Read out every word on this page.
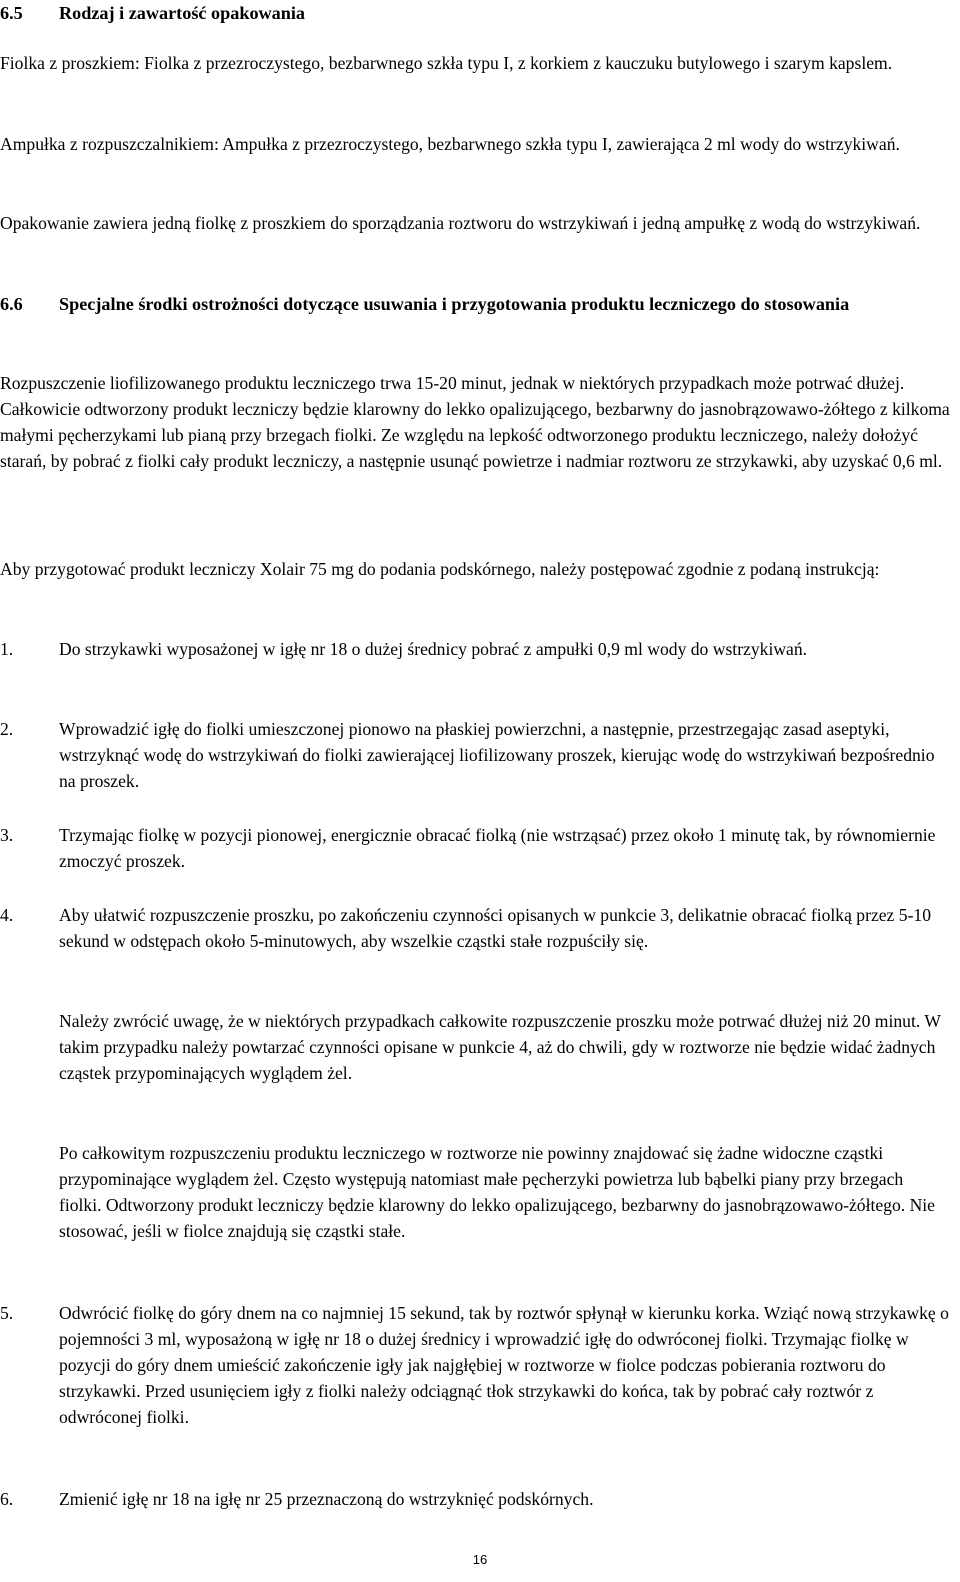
6.5 Rodzaj i zawartość opakowania
Fiolka z proszkiem: Fiolka z przezroczystego, bezbarwnego szkła typu I, z korkiem z kauczuku butylowego i szarym kapslem.
Ampułka z rozpuszczalnikiem: Ampułka z przezroczystego, bezbarwnego szkła typu I, zawierająca 2 ml wody do wstrzykiwań.
Opakowanie zawiera jedną fiolkę z proszkiem do sporządzania roztworu do wstrzykiwań i jedną ampułkę z wodą do wstrzykiwań.
6.6 Specjalne środki ostrożności dotyczące usuwania i przygotowania produktu leczniczego do stosowania
Rozpuszczenie liofilizowanego produktu leczniczego trwa 15-20 minut, jednak w niektórych przypadkach może potrwać dłużej. Całkowicie odtworzony produkt leczniczy będzie klarowny do lekko opalizującego, bezbarwny do jasnobrązowawo-żółtego z kilkoma małymi pęcherzykami lub pianą przy brzegach fiolki. Ze względu na lepkość odtworzonego produktu leczniczego, należy dołożyć starań, by pobrać z fiolki cały produkt leczniczy, a następnie usunąć powietrze i nadmiar roztworu ze strzykawki, aby uzyskać 0,6 ml.
Aby przygotować produkt leczniczy Xolair 75 mg do podania podskórnego, należy postępować zgodnie z podaną instrukcją:
1.	Do strzykawki wyposażonej w igłę nr 18 o dużej średnicy pobrać z ampułki 0,9 ml wody do wstrzykiwań.
2.	Wprowadzić igłę do fiolki umieszczonej pionowo na płaskiej powierzchni, a następnie, przestrzegając zasad aseptyki, wstrzyknąć wodę do wstrzykiwań do fiolki zawierającej liofilizowany proszek, kierując wodę do wstrzykiwań bezpośrednio na proszek.
3.	Trzymając fiolkę w pozycji pionowej, energicznie obracać fiolką (nie wstrząsać) przez około 1 minutę tak, by równomiernie zmoczyć proszek.
4.	Aby ułatwić rozpuszczenie proszku, po zakończeniu czynności opisanych w punkcie 3, delikatnie obracać fiolką przez 5-10 sekund w odstępach około 5-minutowych, aby wszelkie cząstki stałe rozpuściły się.
Należy zwrócić uwagę, że w niektórych przypadkach całkowite rozpuszczenie proszku może potrwać dłużej niż 20 minut. W takim przypadku należy powtarzać czynności opisane w punkcie 4, aż do chwili, gdy w roztworze nie będzie widać żadnych cząstek przypominających wyglądem żel.
Po całkowitym rozpuszczeniu produktu leczniczego w roztworze nie powinny znajdować się żadne widoczne cząstki przypominające wyglądem żel. Często występują natomiast małe pęcherzyki powietrza lub bąbelki piany przy brzegach fiolki. Odtworzony produkt leczniczy będzie klarowny do lekko opalizującego, bezbarwny do jasnobrązowawo-żółtego. Nie stosować, jeśli w fiolce znajdują się cząstki stałe.
5.	Odwrócić fiolkę do góry dnem na co najmniej 15 sekund, tak by roztwór spłynął w kierunku korka. Wziąć nową strzykawkę o pojemności 3 ml, wyposażoną w igłę nr 18 o dużej średnicy i wprowadzić igłę do odwróconej fiolki. Trzymając fiolkę w pozycji do góry dnem umieścić zakończenie igły jak najgłębiej w roztworze w fiolce podczas pobierania roztworu do strzykawki. Przed usunięciem igły z fiolki należy odciągnąć tłok strzykawki do końca, tak by pobrać cały roztwór z odwróconej fiolki.
6.	Zmienić igłę nr 18 na igłę nr 25 przeznaczoną do wstrzyknięć podskórnych.
16
